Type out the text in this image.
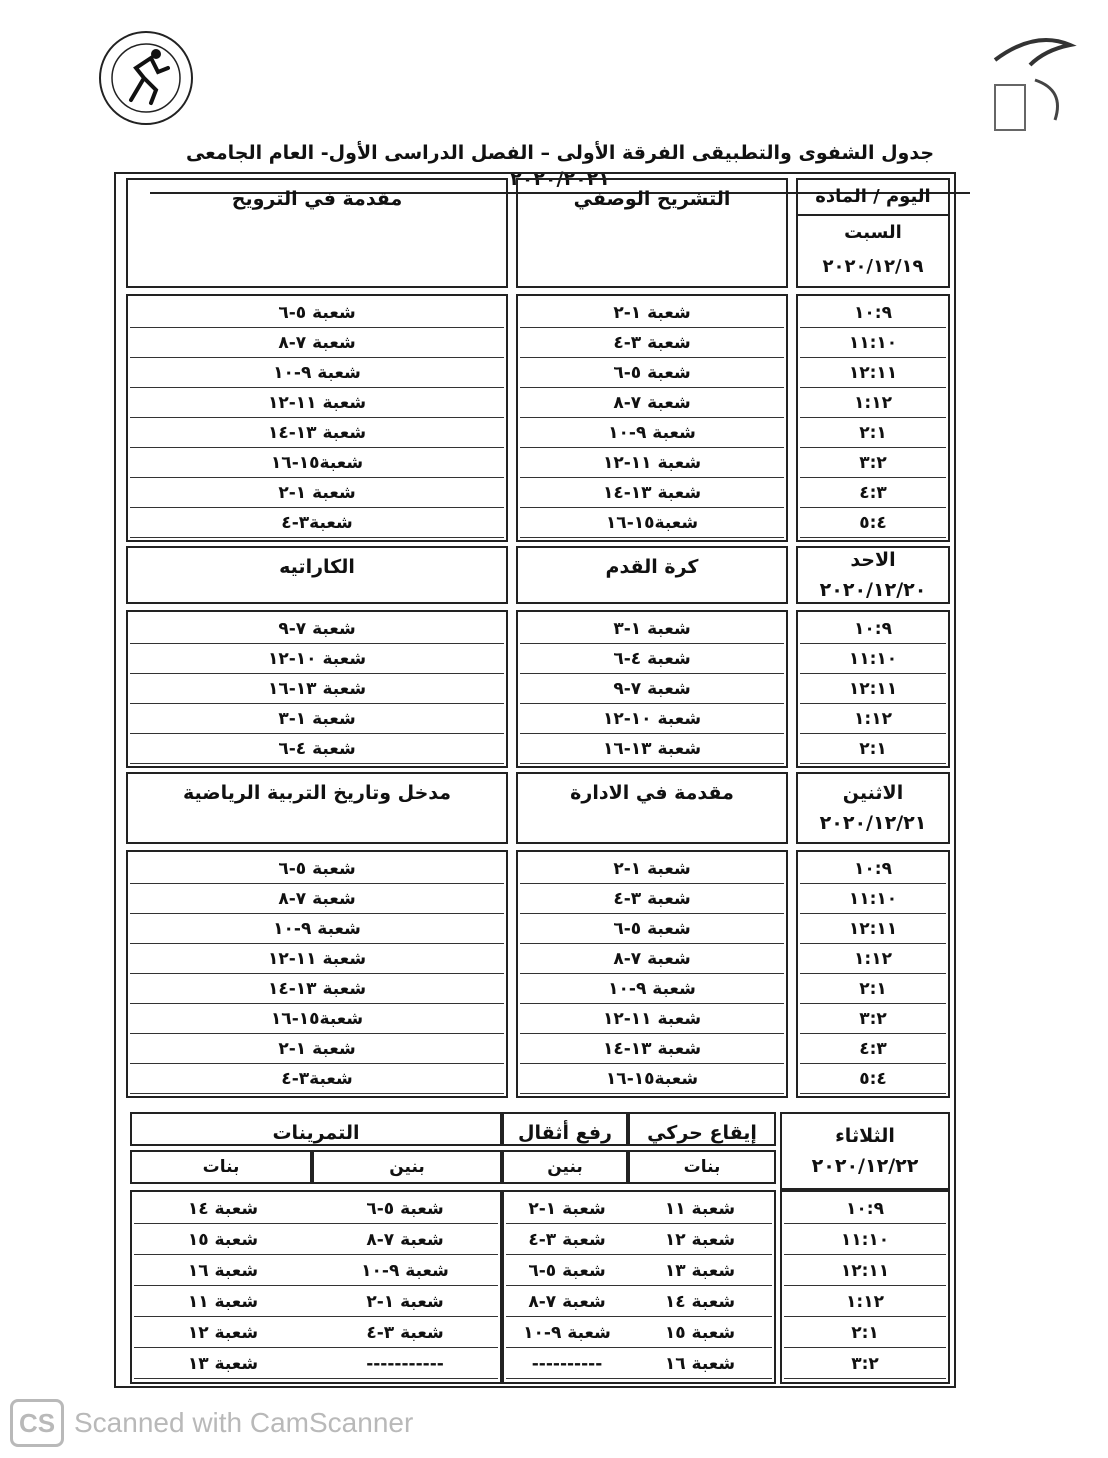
جدول الشفوى والتطبيقى الفرقة الأولى – الفصل الدراسى الأول- العام الجامعى ٢٠٢٠/٢٠٢١
مقدمة في الترويح	التشريح الوصفي	اليوم / المادة
السبت
٢٠٢٠/١٢/١٩
شعبة ٥-٦	شعبة ١-٢	١٠:٩
شعبة ٧-٨	شعبة ٣-٤	١١:١٠
شعبة ٩-١٠	شعبة ٥-٦	١٢:١١
شعبة ١١-١٢	شعبة ٧-٨	١:١٢
شعبة ١٣-١٤	شعبة ٩-١٠	٢:١
شعبة١٥-١٦	شعبة ١١-١٢	٣:٢
شعبة ١-٢	شعبة ١٣-١٤	٤:٣
شعبة٣-٤	شعبة١٥-١٦	٥:٤
الكاراتيه	كرة القدم	الاحد
٢٠٢٠/١٢/٢٠
شعبة ٧-٩	شعبة ١-٣	١٠:٩
شعبة ١٠-١٢	شعبة ٤-٦	١١:١٠
شعبة ١٣-١٦	شعبة ٧-٩	١٢:١١
شعبة ١-٣	شعبة ١٠-١٢	١:١٢
شعبة ٤-٦	شعبة ١٣-١٦	٢:١
مدخل وتاريخ التربية الرياضية	مقدمة في الادارة	الاثنين
٢٠٢٠/١٢/٢١
شعبة ٥-٦	شعبة ١-٢	١٠:٩
شعبة ٧-٨	شعبة ٣-٤	١١:١٠
شعبة ٩-١٠	شعبة ٥-٦	١٢:١١
شعبة ١١-١٢	شعبة ٧-٨	١:١٢
شعبة ١٣-١٤	شعبة ٩-١٠	٢:١
شعبة١٥-١٦	شعبة ١١-١٢	٣:٢
شعبة ١-٢	شعبة ١٣-١٤	٤:٣
شعبة٣-٤	شعبة١٥-١٦	٥:٤
التمرينات	رفع أثقال	إيقاع حركي	الثلاثاء
٢٠٢٠/١٢/٢٢
بنات	بنين	بنين	بنات
شعبة ١٤	شعبة ٥-٦	شعبة ١-٢	شعبة ١١	١٠:٩
شعبة ١٥	شعبة ٧-٨	شعبة ٣-٤	شعبة ١٢	١١:١٠
شعبة ١٦	شعبة ٩-١٠	شعبة ٥-٦	شعبة ١٣	١٢:١١
شعبة ١١	شعبة ١-٢	شعبة ٧-٨	شعبة ١٤	١:١٢
شعبة ١٢	شعبة ٣-٤	شعبة ٩-١٠	شعبة ١٥	٢:١
شعبة ١٣	-----------	----------	شعبة ١٦	٣:٢
CS Scanned with CamScanner
